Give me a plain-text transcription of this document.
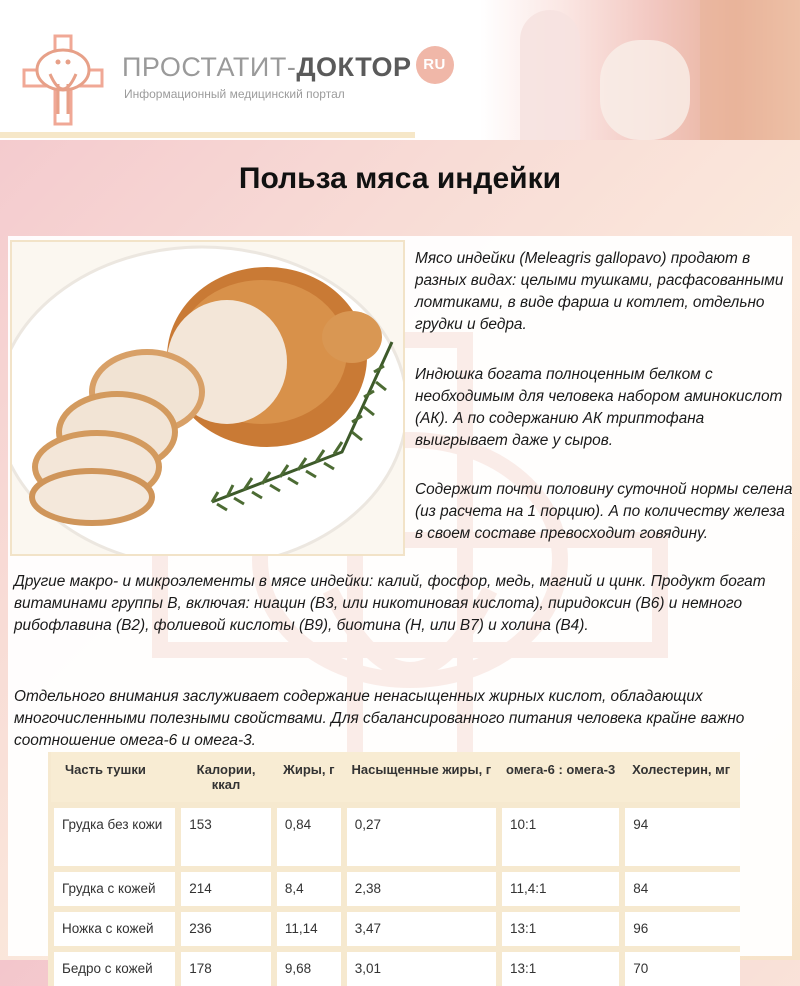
ПРОСТАТИТ-ДОКТОР RU
Информационный медицинский портал
Польза мяса индейки

Мясо индейки (Meleagris gallopavo) продают в разных видах: целыми тушками, расфасованными ломтиками, в виде фарша и котлет, отдельно грудки и бедра.

Индюшка богата полноценным белком с необходимым для человека набором аминокислот (АК). А по содержанию АК триптофана выигрывает даже у сыров.

Содержит почти половину суточной нормы селена (из расчета на 1 порцию). А по количеству железа в своем составе превосходит говядину.

Другие макро- и микроэлементы в мясе индейки: калий, фосфор, медь, магний и цинк. Продукт богат витаминами группы B, включая: ниацин (B3, или никотиновая кислота), пиридоксин (B6) и немного рибофлавина (B2), фолиевой кислоты (B9), биотина (H, или B7) и холина (B4).

Отдельного внимания заслуживает содержание ненасыщенных жирных кислот, обладающих многочисленными полезными свойствами. Для сбалансированного питания человека крайне важно соотношение омега-6 и омега-3.

Часть тушки	Калории, ккал	Жиры, г	Насыщенные жиры, г	омега-6 : омега-3	Холестерин, мг
Грудка без кожи	153	0,84	0,27	10:1	94
Грудка с кожей	214	8,4	2,38	11,4:1	84
Ножка с кожей	236	11,14	3,47	13:1	96
Бедро с кожей	178	9,68	3,01	13:1	70
